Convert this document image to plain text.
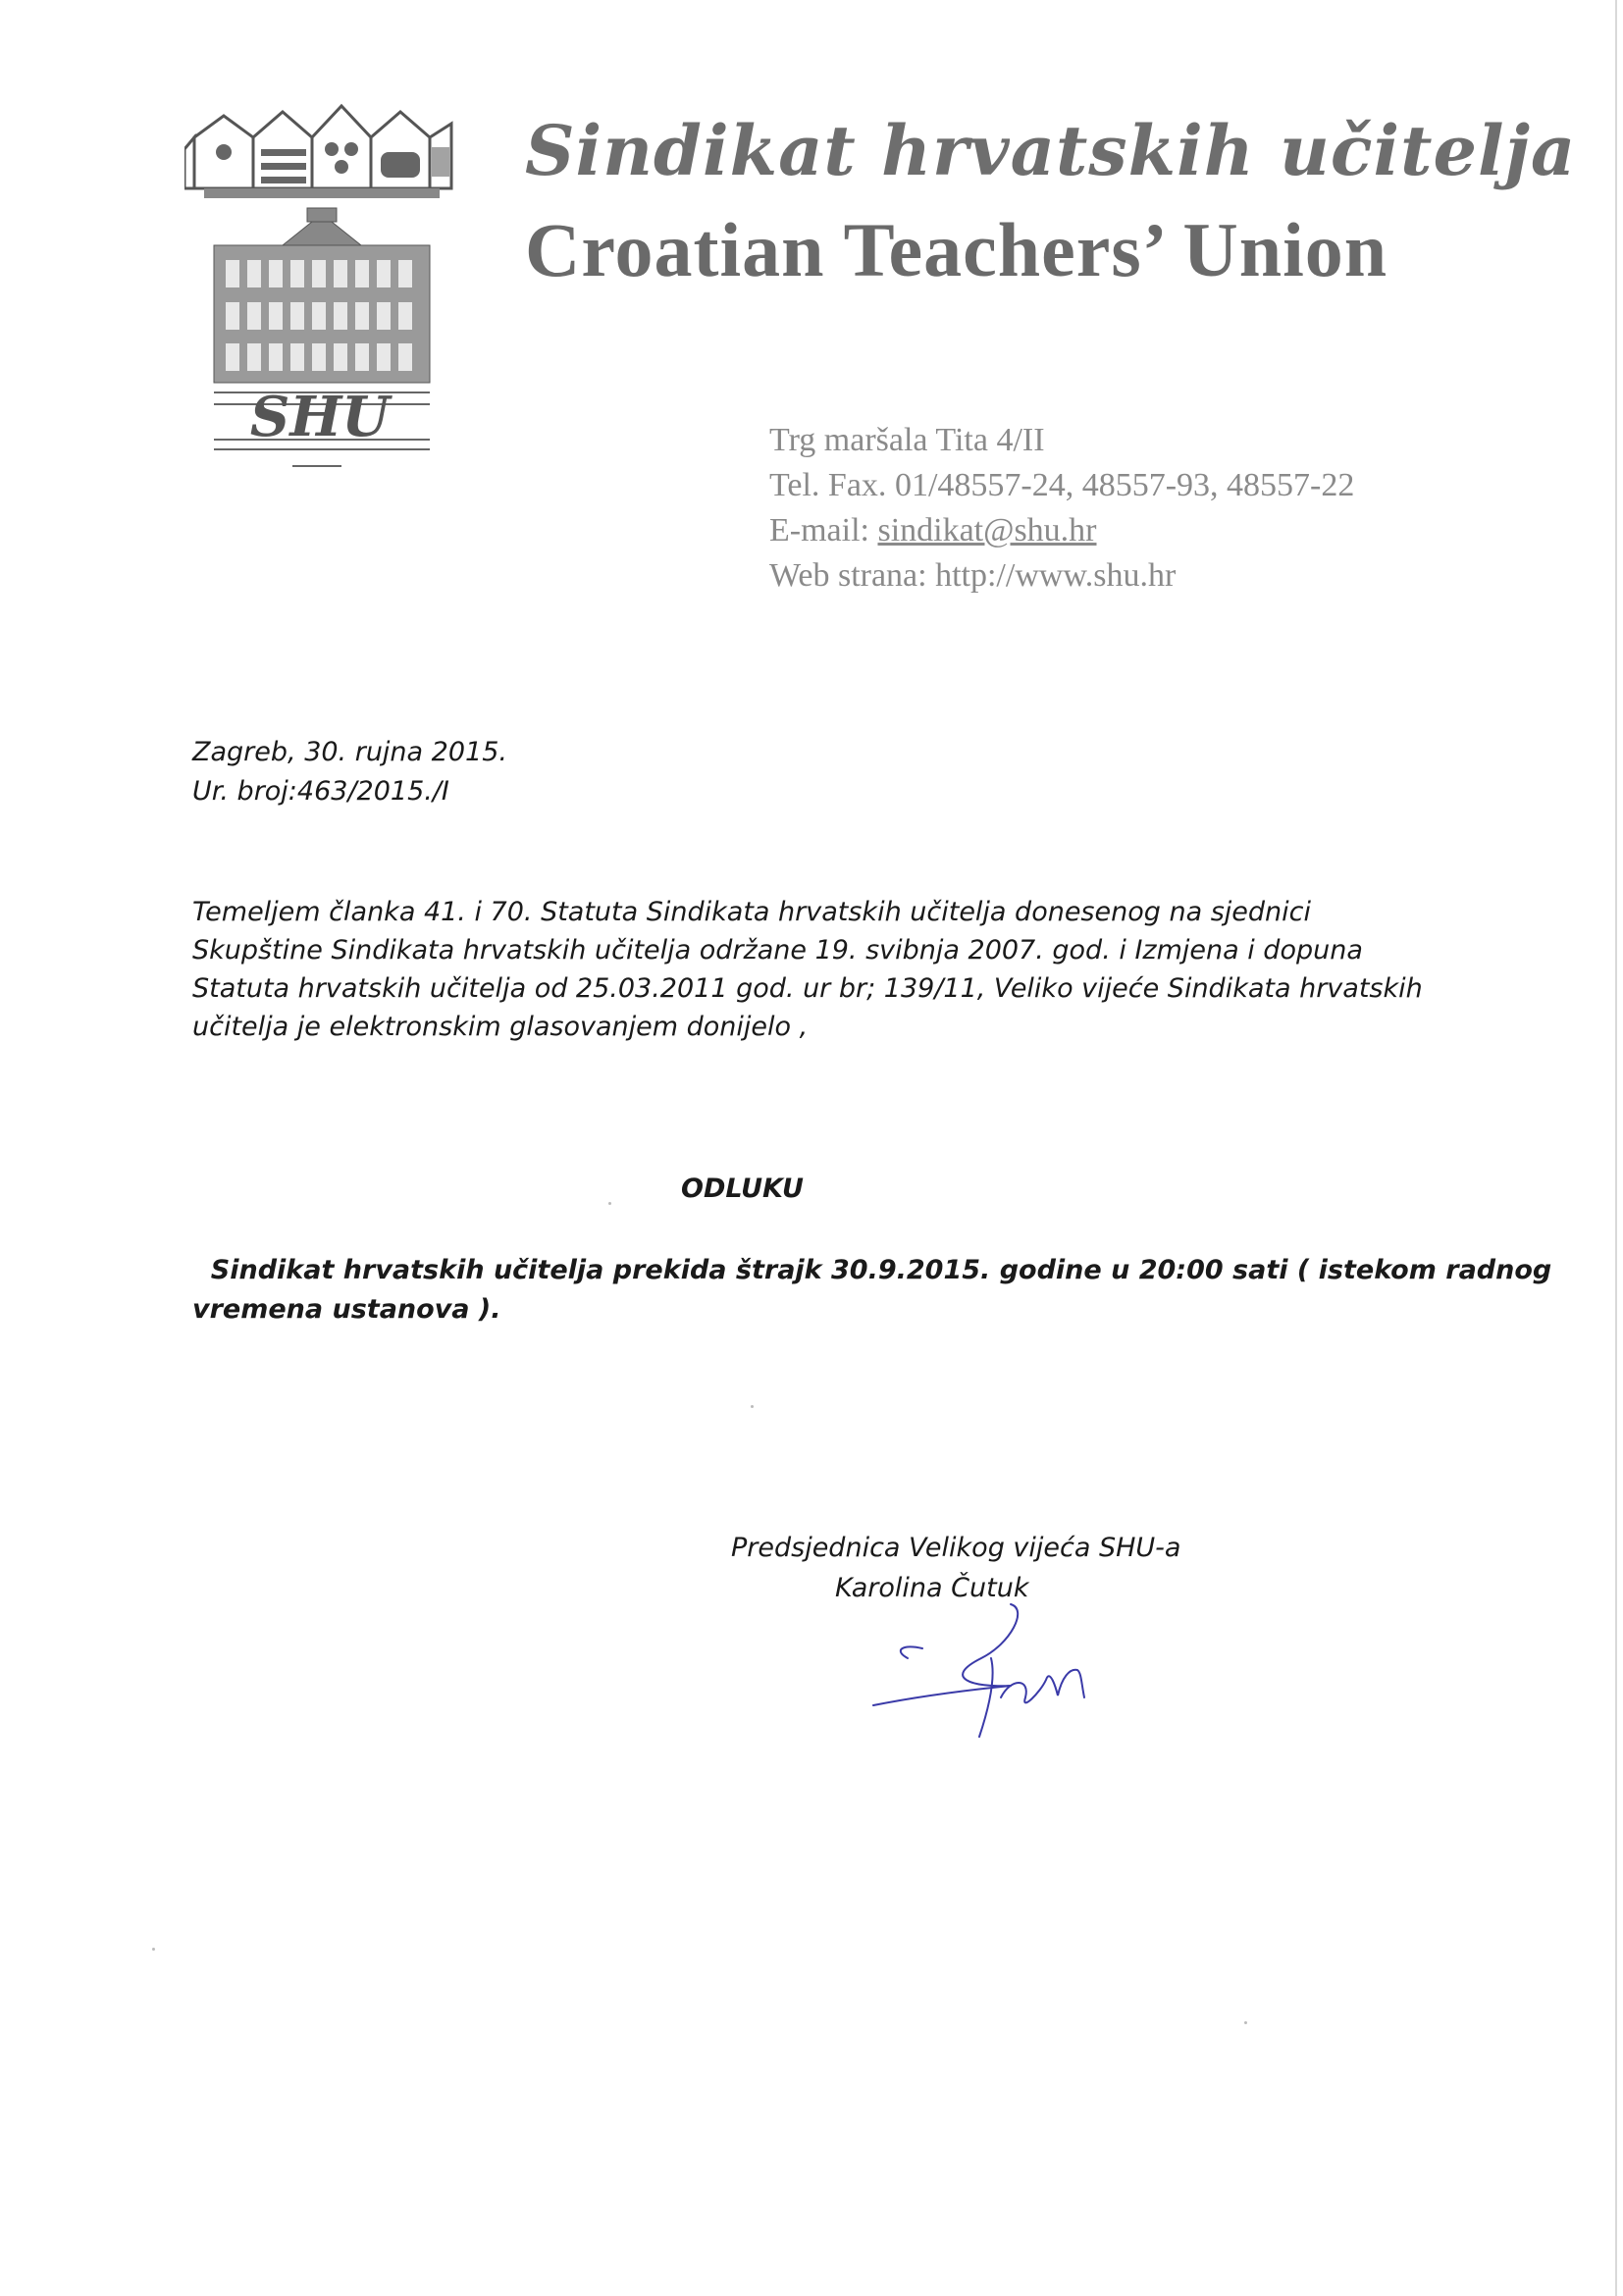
SHU
Sindikat hrvatskih učitelja
Croatian Teachers’ Union
Trg maršala Tita 4/II
Tel. Fax. 01/48557-24, 48557-93, 48557-22
E-mail: sindikat@shu.hr
Web strana: http://www.shu.hr
Zagreb, 30. rujna 2015.
Ur. broj:463/2015./I
Temeljem članka 41. i 70. Statuta Sindikata hrvatskih učitelja donesenog na sjednici
Skupštine Sindikata hrvatskih učitelja održane 19. svibnja 2007. god. i Izmjena i dopuna
Statuta hrvatskih učitelja od 25.03.2011 god. ur br; 139/11, Veliko vijeće Sindikata hrvatskih
učitelja je elektronskim glasovanjem donijelo ,
ODLUKU
Sindikat hrvatskih učitelja prekida štrajk 30.9.2015. godine u 20:00 sati ( istekom radnog
vremena ustanova ).
Predsjednica Velikog vijeća SHU-a
Karolina Čutuk
